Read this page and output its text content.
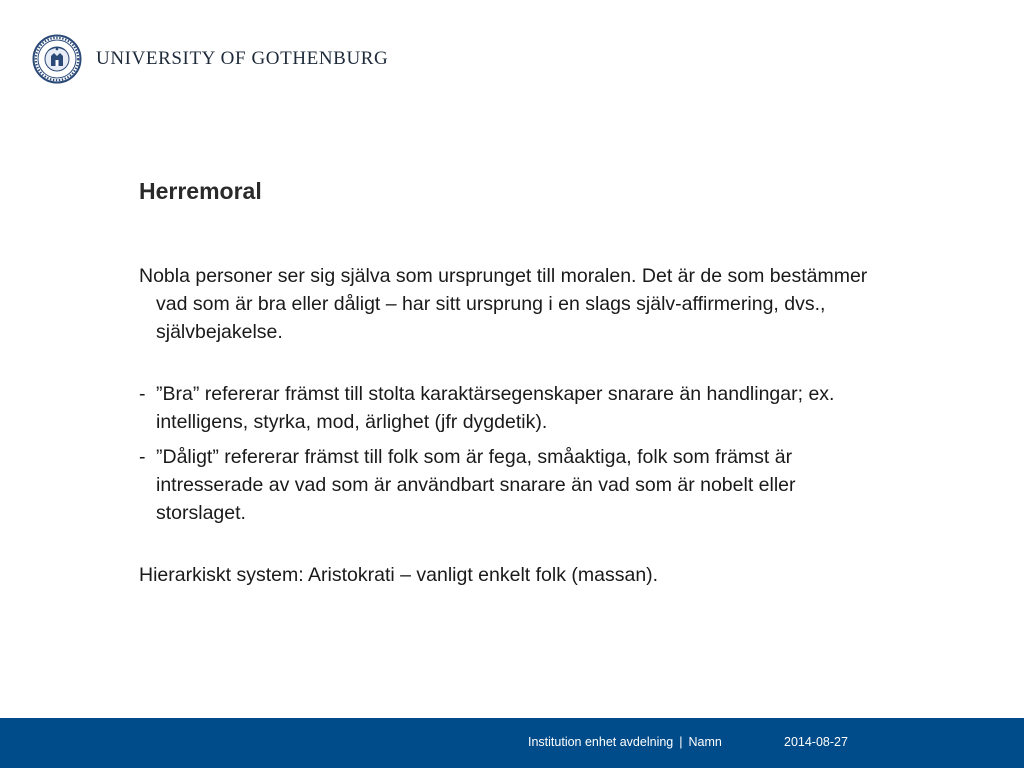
UNIVERSITY OF GOTHENBURG
Herremoral

Nobla personer ser sig själva som ursprunget till moralen. Det är de som bestämmer vad som är bra eller dåligt – har sitt ursprung i en slags själv-affirmering, dvs., självbejakelse.

- ”Bra” refererar främst till stolta karaktärsegenskaper snarare än handlingar; ex. intelligens, styrka, mod, ärlighet (jfr dygdetik).
- ”Dåligt” refererar främst till folk som är fega, småaktiga, folk som främst är intresserade av vad som är användbart snarare än vad som är nobelt eller storslaget.

Hierarkiskt system: Aristokrati – vanligt enkelt folk (massan).

Institution enhet avdelning | Namn	2014-08-27
